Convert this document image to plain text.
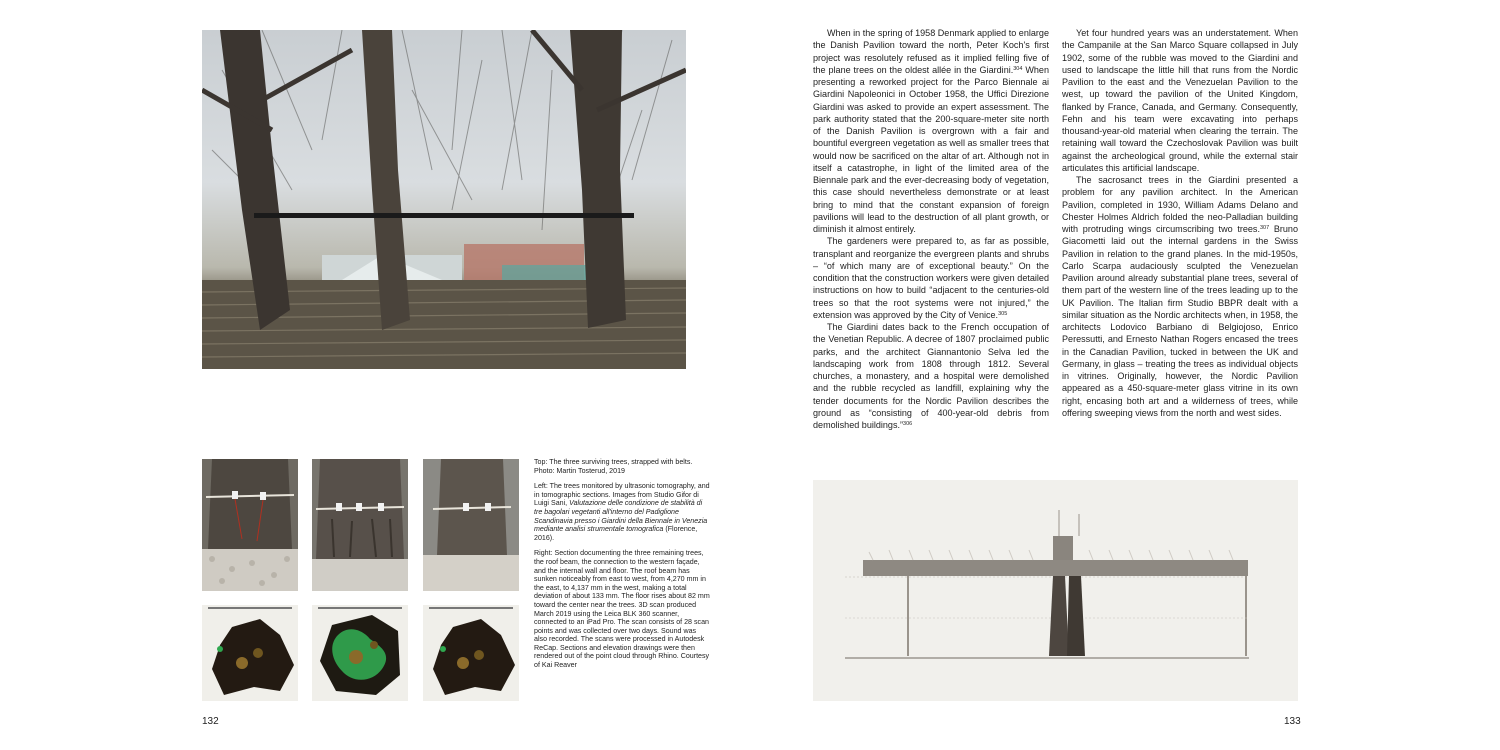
Top: The three surviving trees, strapped with belts. Photo: Martin Tosterud, 2019

Left: The trees monitored by ultrasonic tomography, and in tomographic sections. Images from Studio Gifor di Luigi Sani, Valutazione delle condizione de stabilità di tre bagolari vegetanti all'interno del Padiglione Scandinavia presso i Giardini della Biennale in Venezia mediante analisi strumentale tomografica (Florence, 2016).

Right: Section documenting the three remaining trees, the roof beam, the connection to the western façade, and the internal wall and floor. The roof beam has sunken noticeably from east to west, from 4,270 mm in the east, to 4,137 mm in the west, making a total deviation of about 133 mm. The floor rises about 82 mm toward the center near the trees. 3D scan produced March 2019 using the Leica BLK 360 scanner, connected to an iPad Pro. The scan consists of 28 scan points and was collected over two days. Sound was also recorded. The scans were processed in Autodesk ReCap. Sections and elevation drawings were then rendered out of the point cloud through Rhino. Courtesy of Kai Reaver

132

When in the spring of 1958 Denmark applied to enlarge the Danish Pavilion toward the north, Peter Koch's first project was resolutely refused as it implied felling five of the plane trees on the oldest allée in the Giardini.$^{304}$ When presenting a reworked project for the Parco Biennale ai Giardini Napoleonici in October 1958, the Uffici Direzione Giardini was asked to provide an expert assessment. The park authority stated that the 200-square-meter site north of the Danish Pavilion is overgrown with a fair and bountiful evergreen vegetation as well as smaller trees that would now be sacrificed on the altar of art. Although not in itself a catastrophe, in light of the limited area of the Biennale park and the ever-decreasing body of vegetation, this case should nevertheless demonstrate or at least bring to mind that the constant expansion of foreign pavilions will lead to the destruction of all plant growth, or diminish it almost entirely.

The gardeners were prepared to, as far as possible, transplant and reorganize the evergreen plants and shrubs – “of which many are of exceptional beauty.” On the condition that the construction workers were given detailed instructions on how to build “adjacent to the centuries-old trees so that the root systems were not injured,” the extension was approved by the City of Venice.$^{305}$

The Giardini dates back to the French occupation of the Venetian Republic. A decree of 1807 proclaimed public parks, and the architect Giannantonio Selva led the landscaping work from 1808 through 1812. Several churches, a monastery, and a hospital were demolished and the rubble recycled as landfill, explaining why the tender documents for the Nordic Pavilion describes the ground as “consisting of 400-year-old debris from demolished buildings.”$^{306}$

Yet four hundred years was an understatement. When the Campanile at the San Marco Square collapsed in July 1902, some of the rubble was moved to the Giardini and used to landscape the little hill that runs from the Nordic Pavilion to the east and the Venezuelan Pavilion to the west, up toward the pavilion of the United Kingdom, flanked by France, Canada, and Germany. Consequently, Fehn and his team were excavating into perhaps thousand-year-old material when clearing the terrain. The retaining wall toward the Czechoslovak Pavilion was built against the archeological ground, while the external stair articulates this artificial landscape.

The sacrosanct trees in the Giardini presented a problem for any pavilion architect. In the American Pavilion, completed in 1930, William Adams Delano and Chester Holmes Aldrich folded the neo-Palladian building with protruding wings circumscribing two trees.$^{307}$ Bruno Giacometti laid out the internal gardens in the Swiss Pavilion in relation to the grand planes. In the mid-1950s, Carlo Scarpa audaciously sculpted the Venezuelan Pavilion around already substantial plane trees, several of them part of the western line of the trees leading up to the UK Pavilion. The Italian firm Studio BBPR dealt with a similar situation as the Nordic architects when, in 1958, the architects Lodovico Barbiano di Belgiojoso, Enrico Peressutti, and Ernesto Nathan Rogers encased the trees in the Canadian Pavilion, tucked in between the UK and Germany, in glass – treating the trees as individual objects in vitrines. Originally, however, the Nordic Pavilion appeared as a 450-square-meter glass vitrine in its own right, encasing both art and a wilderness of trees, while offering sweeping views from the north and west sides.

133
